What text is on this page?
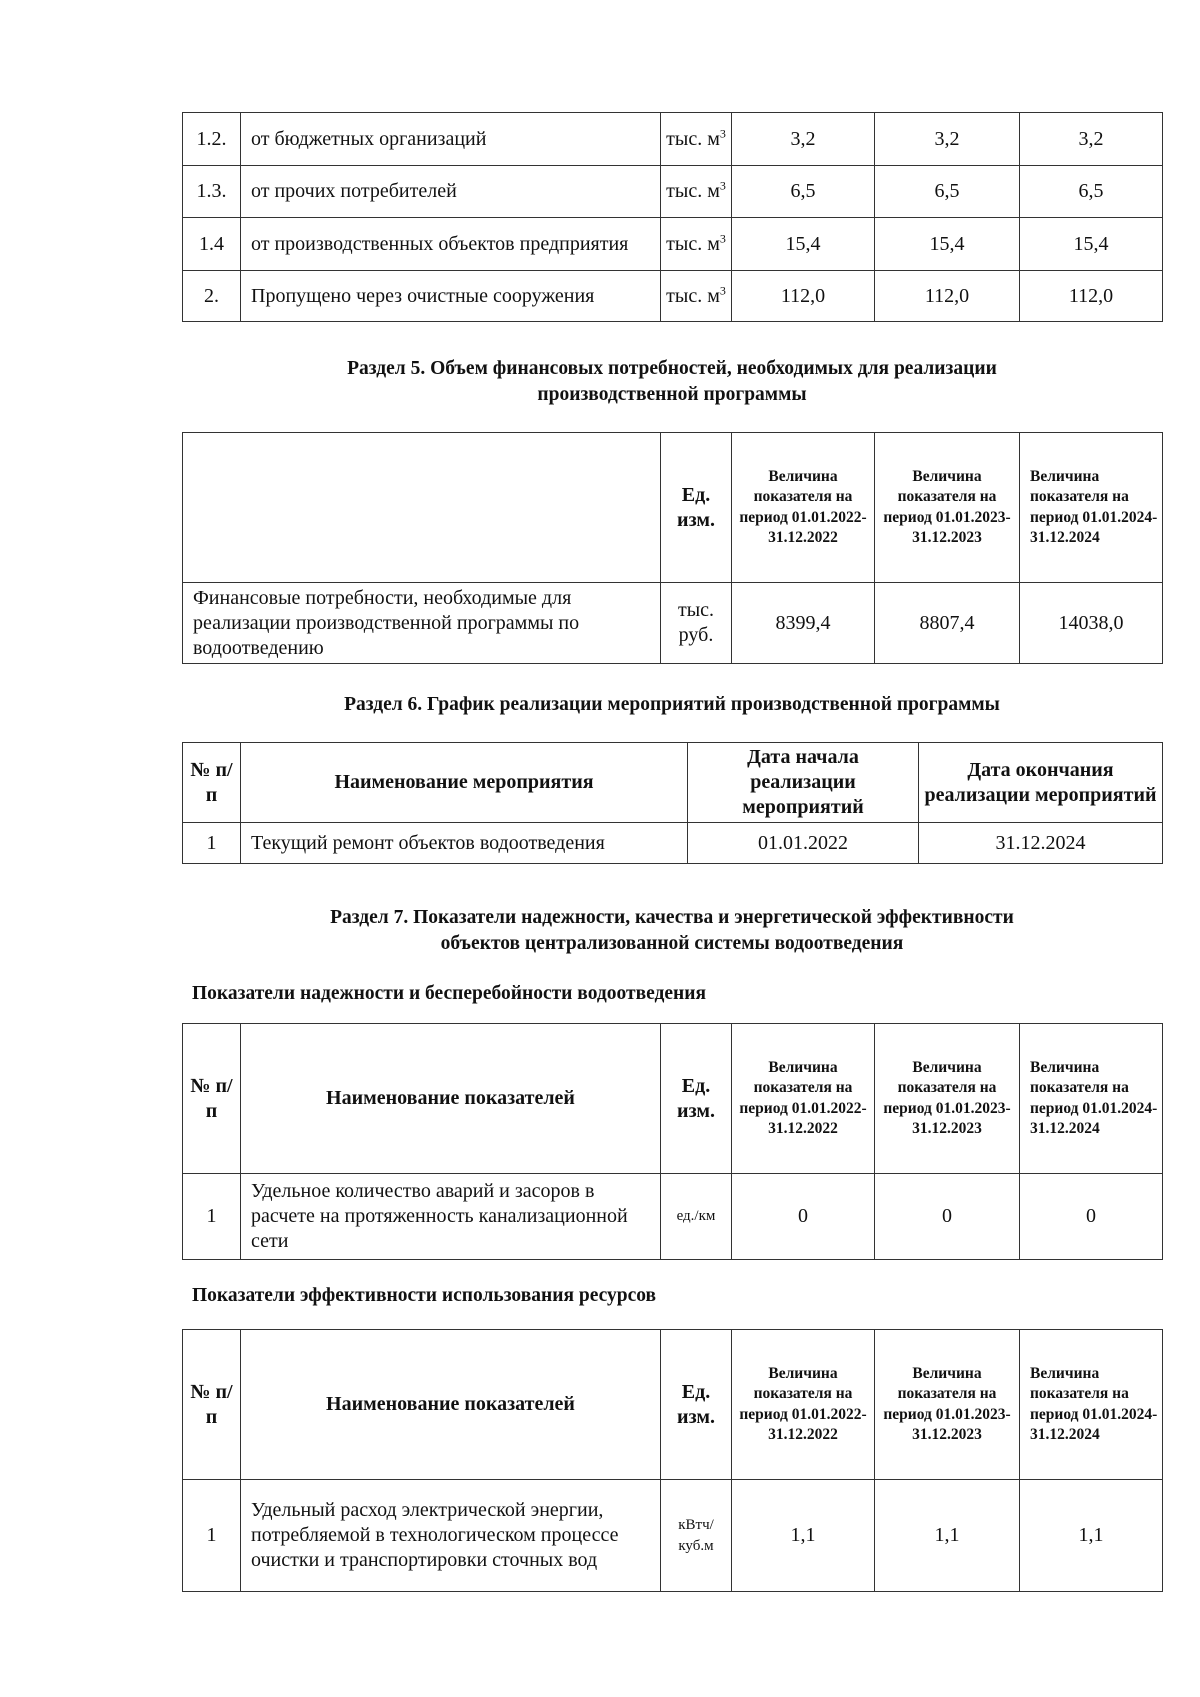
1.2.	от бюджетных организаций	тыс. $м^3$	3,2	3,2	3,2
1.3.	от прочих потребителей	тыс. $м^3$	6,5	6,5	6,5
1.4	от производственных объектов предприятия	тыс. $м^3$	15,4	15,4	15,4
2.	Пропущено через очистные сооружения	тыс. $м^3$	112,0	112,0	112,0
Раздел 5. Объем финансовых потребностей, необходимых для реализации
производственной программы
	Ед. изм.	Величина показателя на период 01.01.2022-31.12.2022	Величина показателя на период 01.01.2023-31.12.2023	Величина показателя на период 01.01.2024-31.12.2024
Финансовые потребности, необходимые для реализации производственной программы по водоотведению	тыс. руб.	8399,4	8807,4	14038,0
Раздел 6. График реализации мероприятий производственной программы
№ п/п	Наименование мероприятия	Дата начала реализации мероприятий	Дата окончания реализации мероприятий
1	Текущий ремонт объектов водоотведения	01.01.2022	31.12.2024
Раздел 7. Показатели надежности, качества и энергетической эффективности
объектов централизованной системы водоотведения
Показатели надежности и бесперебойности водоотведения
№ п/п	Наименование показателей	Ед. изм.	Величина показателя на период 01.01.2022-31.12.2022	Величина показателя на период 01.01.2023-31.12.2023	Величина показателя на период 01.01.2024-31.12.2024
1	Удельное количество аварий и засоров в расчете на протяженность канализационной сети	ед./км	0	0	0
Показатели эффективности использования ресурсов
№ п/п	Наименование показателей	Ед. изм.	Величина показателя на период 01.01.2022-31.12.2022	Величина показателя на период 01.01.2023-31.12.2023	Величина показателя на период 01.01.2024-31.12.2024
1	Удельный расход электрической энергии, потребляемой в технологическом процессе очистки и транспортировки сточных вод	кВтч/ куб.м	1,1	1,1	1,1
